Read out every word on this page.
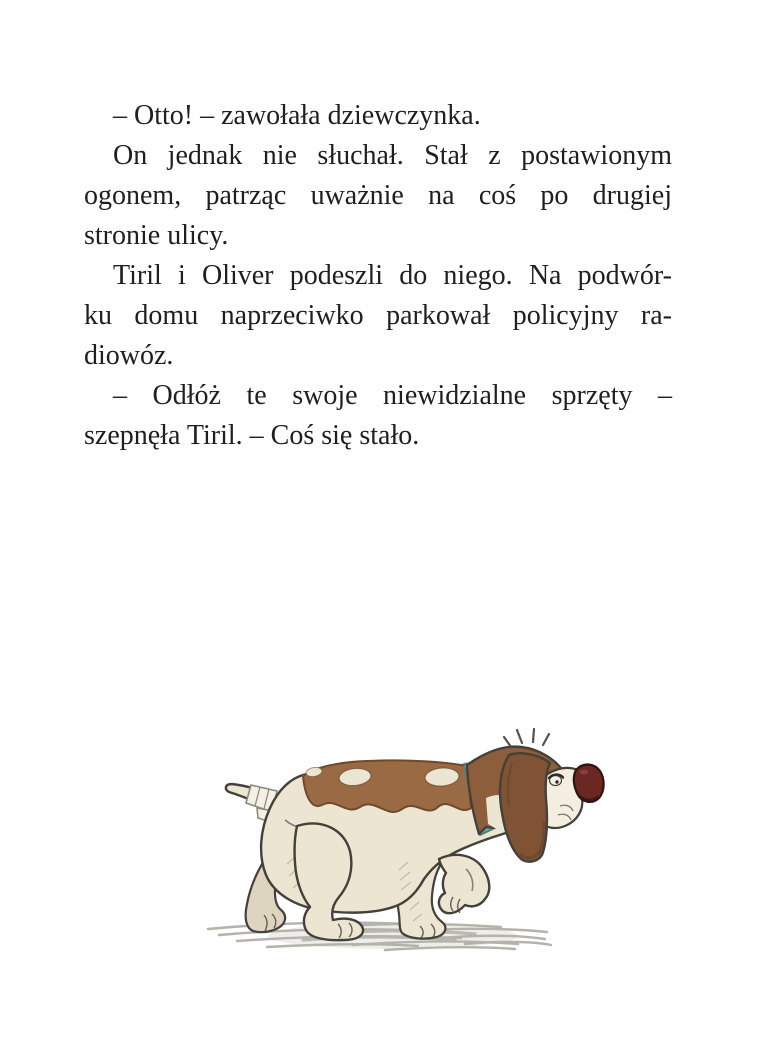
– Otto! – zawołała dziewczynka.

On jednak nie słuchał. Stał z postawionym
ogonem, patrząc uważnie na coś po drugiej
stronie ulicy.

Tiril i Oliver podeszli do niego. Na podwór-
ku domu naprzeciwko parkował policyjny ra-
diowóz.

– Odłóż te swoje niewidzialne sprzęty –
szepnęła Tiril. – Coś się stało.
